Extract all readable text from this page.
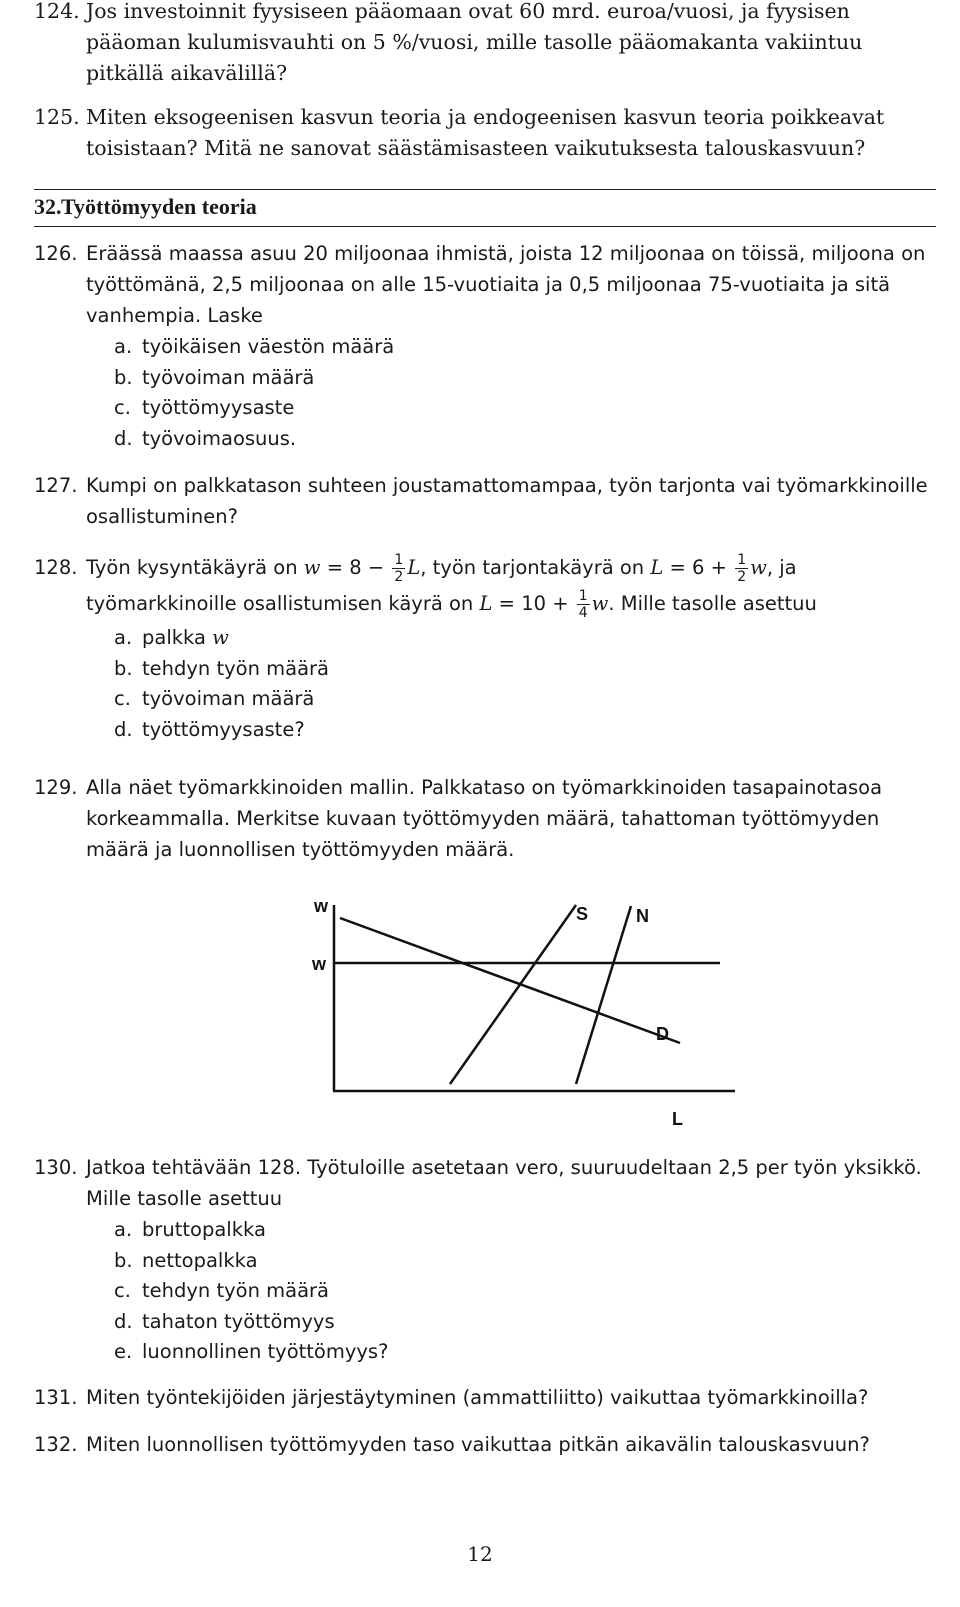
124. Jos investoinnit fyysiseen pääomaan ovat 60 mrd. euroa/vuosi, ja fyysisen pääoman kulumisvauhti on 5 %/vuosi, mille tasolle pääomakanta vakiintuu pitkällä aikavälillä?
125. Miten eksogeenisen kasvun teoria ja endogeenisen kasvun teoria poikkeavat toisistaan? Mitä ne sanovat säästämisasteen vaikutuksesta talouskasvuun?
32. Työttömyyden teoria
126. Eräässä maassa asuu 20 miljoonaa ihmistä, joista 12 miljoonaa on töissä, miljoona on työttömänä, 2,5 miljoonaa on alle 15-vuotiaita ja 0,5 miljoonaa 75-vuotiaita ja sitä vanhempia. Laske
a. työikäisen väestön määrä
b. työvoiman määrä
c. työttömyysaste
d. työvoimaosuus.
127. Kumpi on palkkatason suhteen joustamattomampaa, työn tarjonta vai työmarkkinoille osallistuminen?
128. Työn kysyntäkäyrä on $w = 8 - \frac{1}{2} L$, työn tarjontakäyrä on $L = 6 + \frac{1}{2} w$, ja työmarkkinoille osallistumisen käyrä on $L = 10 + \frac{1}{4} w$. Mille tasolle asettuu
a. palkka w
b. tehdyn työn määrä
c. työvoiman määrä
d. työttömyysaste?
129. Alla näet työmarkkinoiden mallin. Palkkataso on työmarkkinoiden tasapainotasoa korkeammalla. Merkitse kuvaan työttömyyden määrä, tahattoman työttömyyden määrä ja luonnollisen työttömyyden määrä.
w
w
S	N
D
L
130. Jatkoa tehtävään 128. Työtuloille asetetaan vero, suuruudeltaan 2,5 per työn yksikkö. Mille tasolle asettuu
a. bruttopalkka
b. nettopalkka
c. tehdyn työn määrä
d. tahaton työttömyys
e. luonnollinen työttömyys?
131. Miten työntekijöiden järjestäytyminen (ammattiliitto) vaikuttaa työmarkkinoilla?
132. Miten luonnollisen työttömyyden taso vaikuttaa pitkän aikavälin talouskasvuun?
12
